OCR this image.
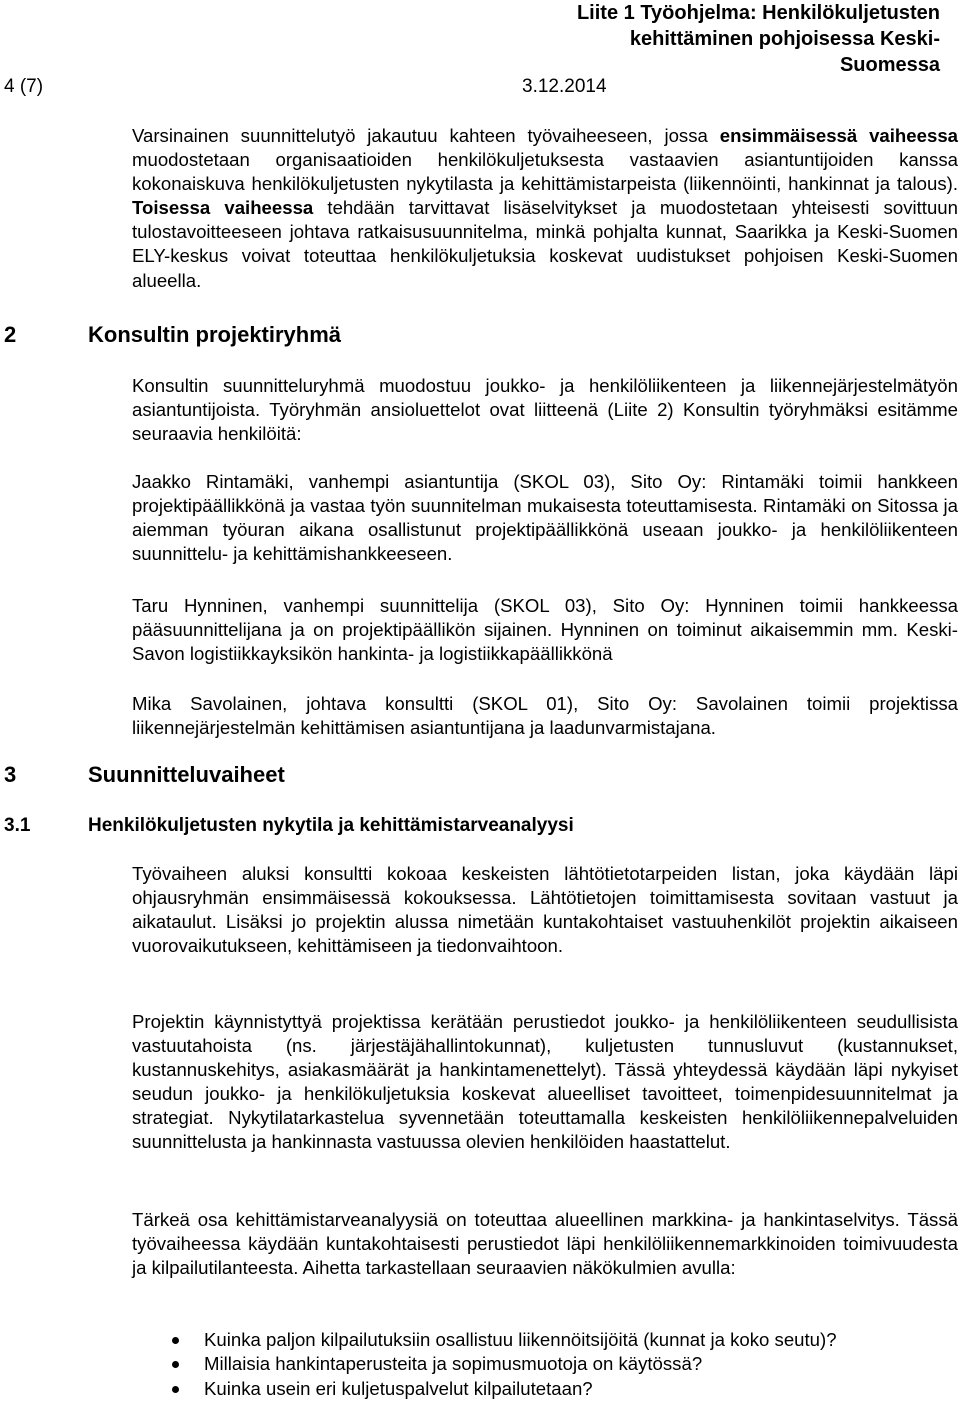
Liite 1 Työohjelma: Henkilökuljetusten
kehittäminen pohjoisessa Keski-
Suomessa
4 (7)	3.12.2014

Varsinainen suunnittelutyö jakautuu kahteen työvaiheeseen, jossa ensimmäisessä vaiheessa muodostetaan organisaatioiden henkilökuljetuksesta vastaavien asiantuntijoiden kanssa kokonaiskuva henkilökuljetusten nykytilasta ja kehittämistarpeista (liikennöinti, hankinnat ja talous). Toisessa vaiheessa tehdään tarvittavat lisäselvitykset ja muodostetaan yhteisesti sovittuun tulostavoitteeseen johtava ratkaisusuunnitelma, minkä pohjalta kunnat, Saarikka ja Keski-Suomen ELY-keskus voivat toteuttaa henkilökuljetuksia koskevat uudistukset pohjoisen Keski-Suomen alueella.

2	Konsultin projektiryhmä

Konsultin suunnitteluryhmä muodostuu joukko- ja henkilöliikenteen ja liikennejärjestelmätyön asiantuntijoista. Työryhmän ansioluettelot ovat liitteenä (Liite 2) Konsultin työryhmäksi esitämme seuraavia henkilöitä:

Jaakko Rintamäki, vanhempi asiantuntija (SKOL 03), Sito Oy: Rintamäki toimii hankkeen projektipäällikkönä ja vastaa työn suunnitelman mukaisesta toteuttamisesta. Rintamäki on Sitossa ja aiemman työuran aikana osallistunut projektipäällikkönä useaan joukko- ja henkilöliikenteen suunnittelu- ja kehittämishankkeeseen.

Taru Hynninen, vanhempi suunnittelija (SKOL 03), Sito Oy: Hynninen toimii hankkeessa pääsuunnittelijana ja on projektipäällikön sijainen. Hynninen on toiminut aikaisemmin mm. Keski-Savon logistiikkayksikön hankinta- ja logistiikkapäällikkönä

Mika Savolainen, johtava konsultti (SKOL 01), Sito Oy: Savolainen toimii projektissa liikennejärjestelmän kehittämisen asiantuntijana ja laadunvarmistajana.

3	Suunnitteluvaiheet
3.1	Henkilökuljetusten nykytila ja kehittämistarveanalyysi

Työvaiheen aluksi konsultti kokoaa keskeisten lähtötietotarpeiden listan, joka käydään läpi ohjausryhmän ensimmäisessä kokouksessa. Lähtötietojen toimittamisesta sovitaan vastuut ja aikataulut. Lisäksi jo projektin alussa nimetään kuntakohtaiset vastuuhenkilöt projektin aikaiseen vuorovaikutukseen, kehittämiseen ja tiedonvaihtoon.

Projektin käynnistyttyä projektissa kerätään perustiedot joukko- ja henkilöliikenteen seudullisista vastuutahoista (ns. järjestäjähallintokunnat), kuljetusten tunnusluvut (kustannukset, kustannuskehitys, asiakasmäärät ja hankintamenettelyt). Tässä yhteydessä käydään läpi nykyiset seudun joukko- ja henkilökuljetuksia koskevat alueelliset tavoitteet, toimenpidesuunnitelmat ja strategiat. Nykytilatarkastelua syvennetään toteuttamalla keskeisten henkilöliikennepalveluiden suunnittelusta ja hankinnasta vastuussa olevien henkilöiden haastattelut.

Tärkeä osa kehittämistarveanalyysiä on toteuttaa alueellinen markkina- ja hankintaselvitys. Tässä työvaiheessa käydään kuntakohtaisesti perustiedot läpi henkilöliikennemarkkinoiden toimivuudesta ja kilpailutilanteesta. Aihetta tarkastellaan seuraavien näkökulmien avulla:

Kuinka paljon kilpailutuksiin osallistuu liikennöitsijöitä (kunnat ja koko seutu)?
Millaisia hankintaperusteita ja sopimusmuotoja on käytössä?
Kuinka usein eri kuljetuspalvelut kilpailutetaan?
